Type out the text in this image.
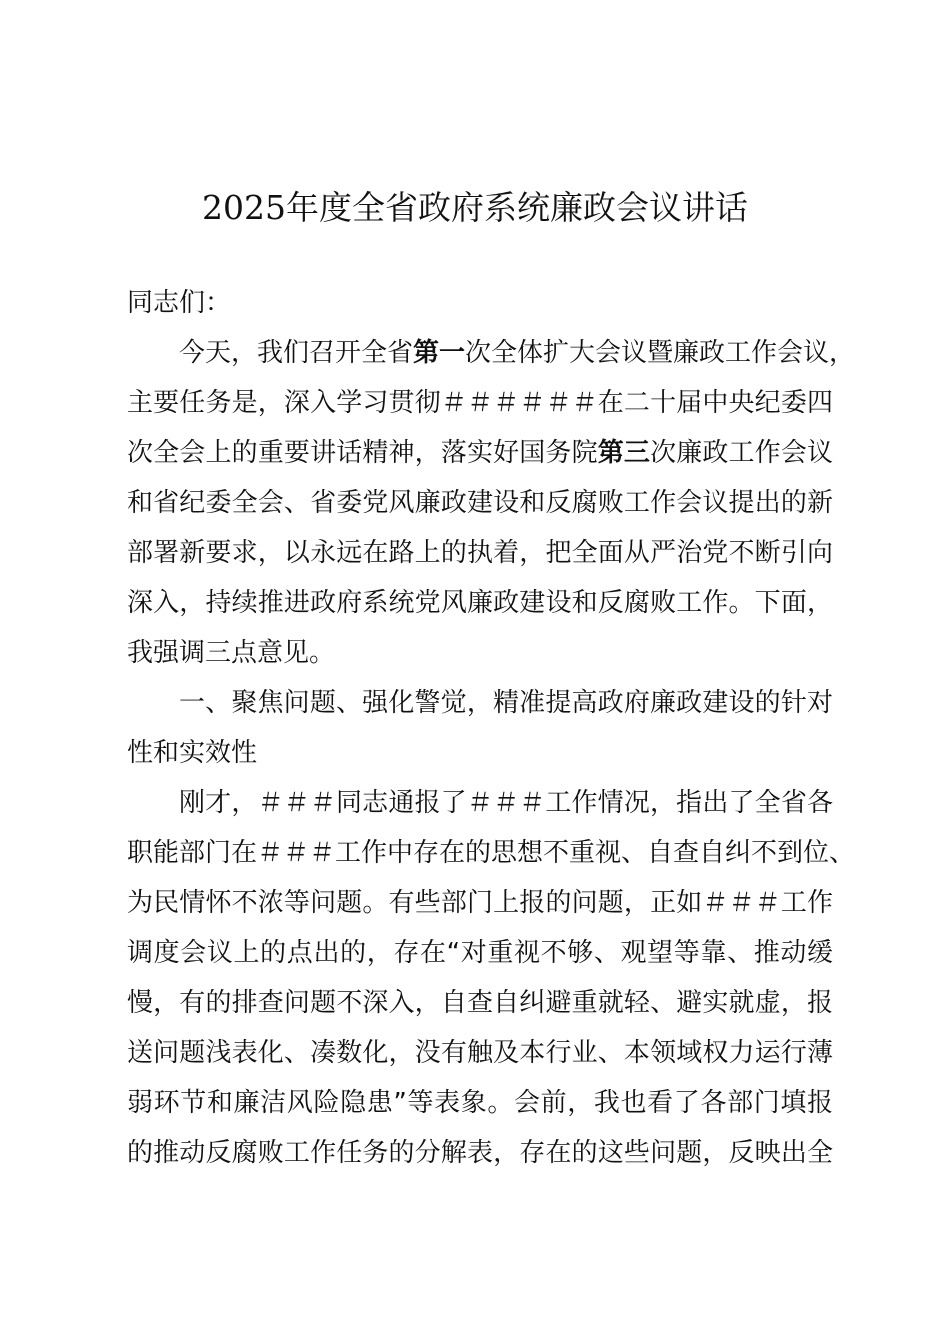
2025年度全省政府系统廉政会议讲话
同志们：
今天，我们召开全省第一次全体扩大会议暨廉政工作会议，
主要任务是，深入学习贯彻＃＃＃＃＃＃在二十届中央纪委四
次全会上的重要讲话精神，落实好国务院第三次廉政工作会议
和省纪委全会、省委党风廉政建设和反腐败工作会议提出的新
部署新要求，以永远在路上的执着，把全面从严治党不断引向
深入，持续推进政府系统党风廉政建设和反腐败工作。下面，
我强调三点意见。
一、聚焦问题、强化警觉，精准提高政府廉政建设的针对
性和实效性
刚才，＃＃＃同志通报了＃＃＃工作情况，指出了全省各
职能部门在＃＃＃工作中存在的思想不重视、自查自纠不到位、
为民情怀不浓等问题。有些部门上报的问题，正如＃＃＃工作
调度会议上的点出的，存在“对重视不够、观望等靠、推动缓
慢，有的排查问题不深入，自查自纠避重就轻、避实就虚，报
送问题浅表化、凑数化，没有触及本行业、本领域权力运行薄
弱环节和廉洁风险隐患”等表象。会前，我也看了各部门填报
的推动反腐败工作任务的分解表，存在的这些问题，反映出全
